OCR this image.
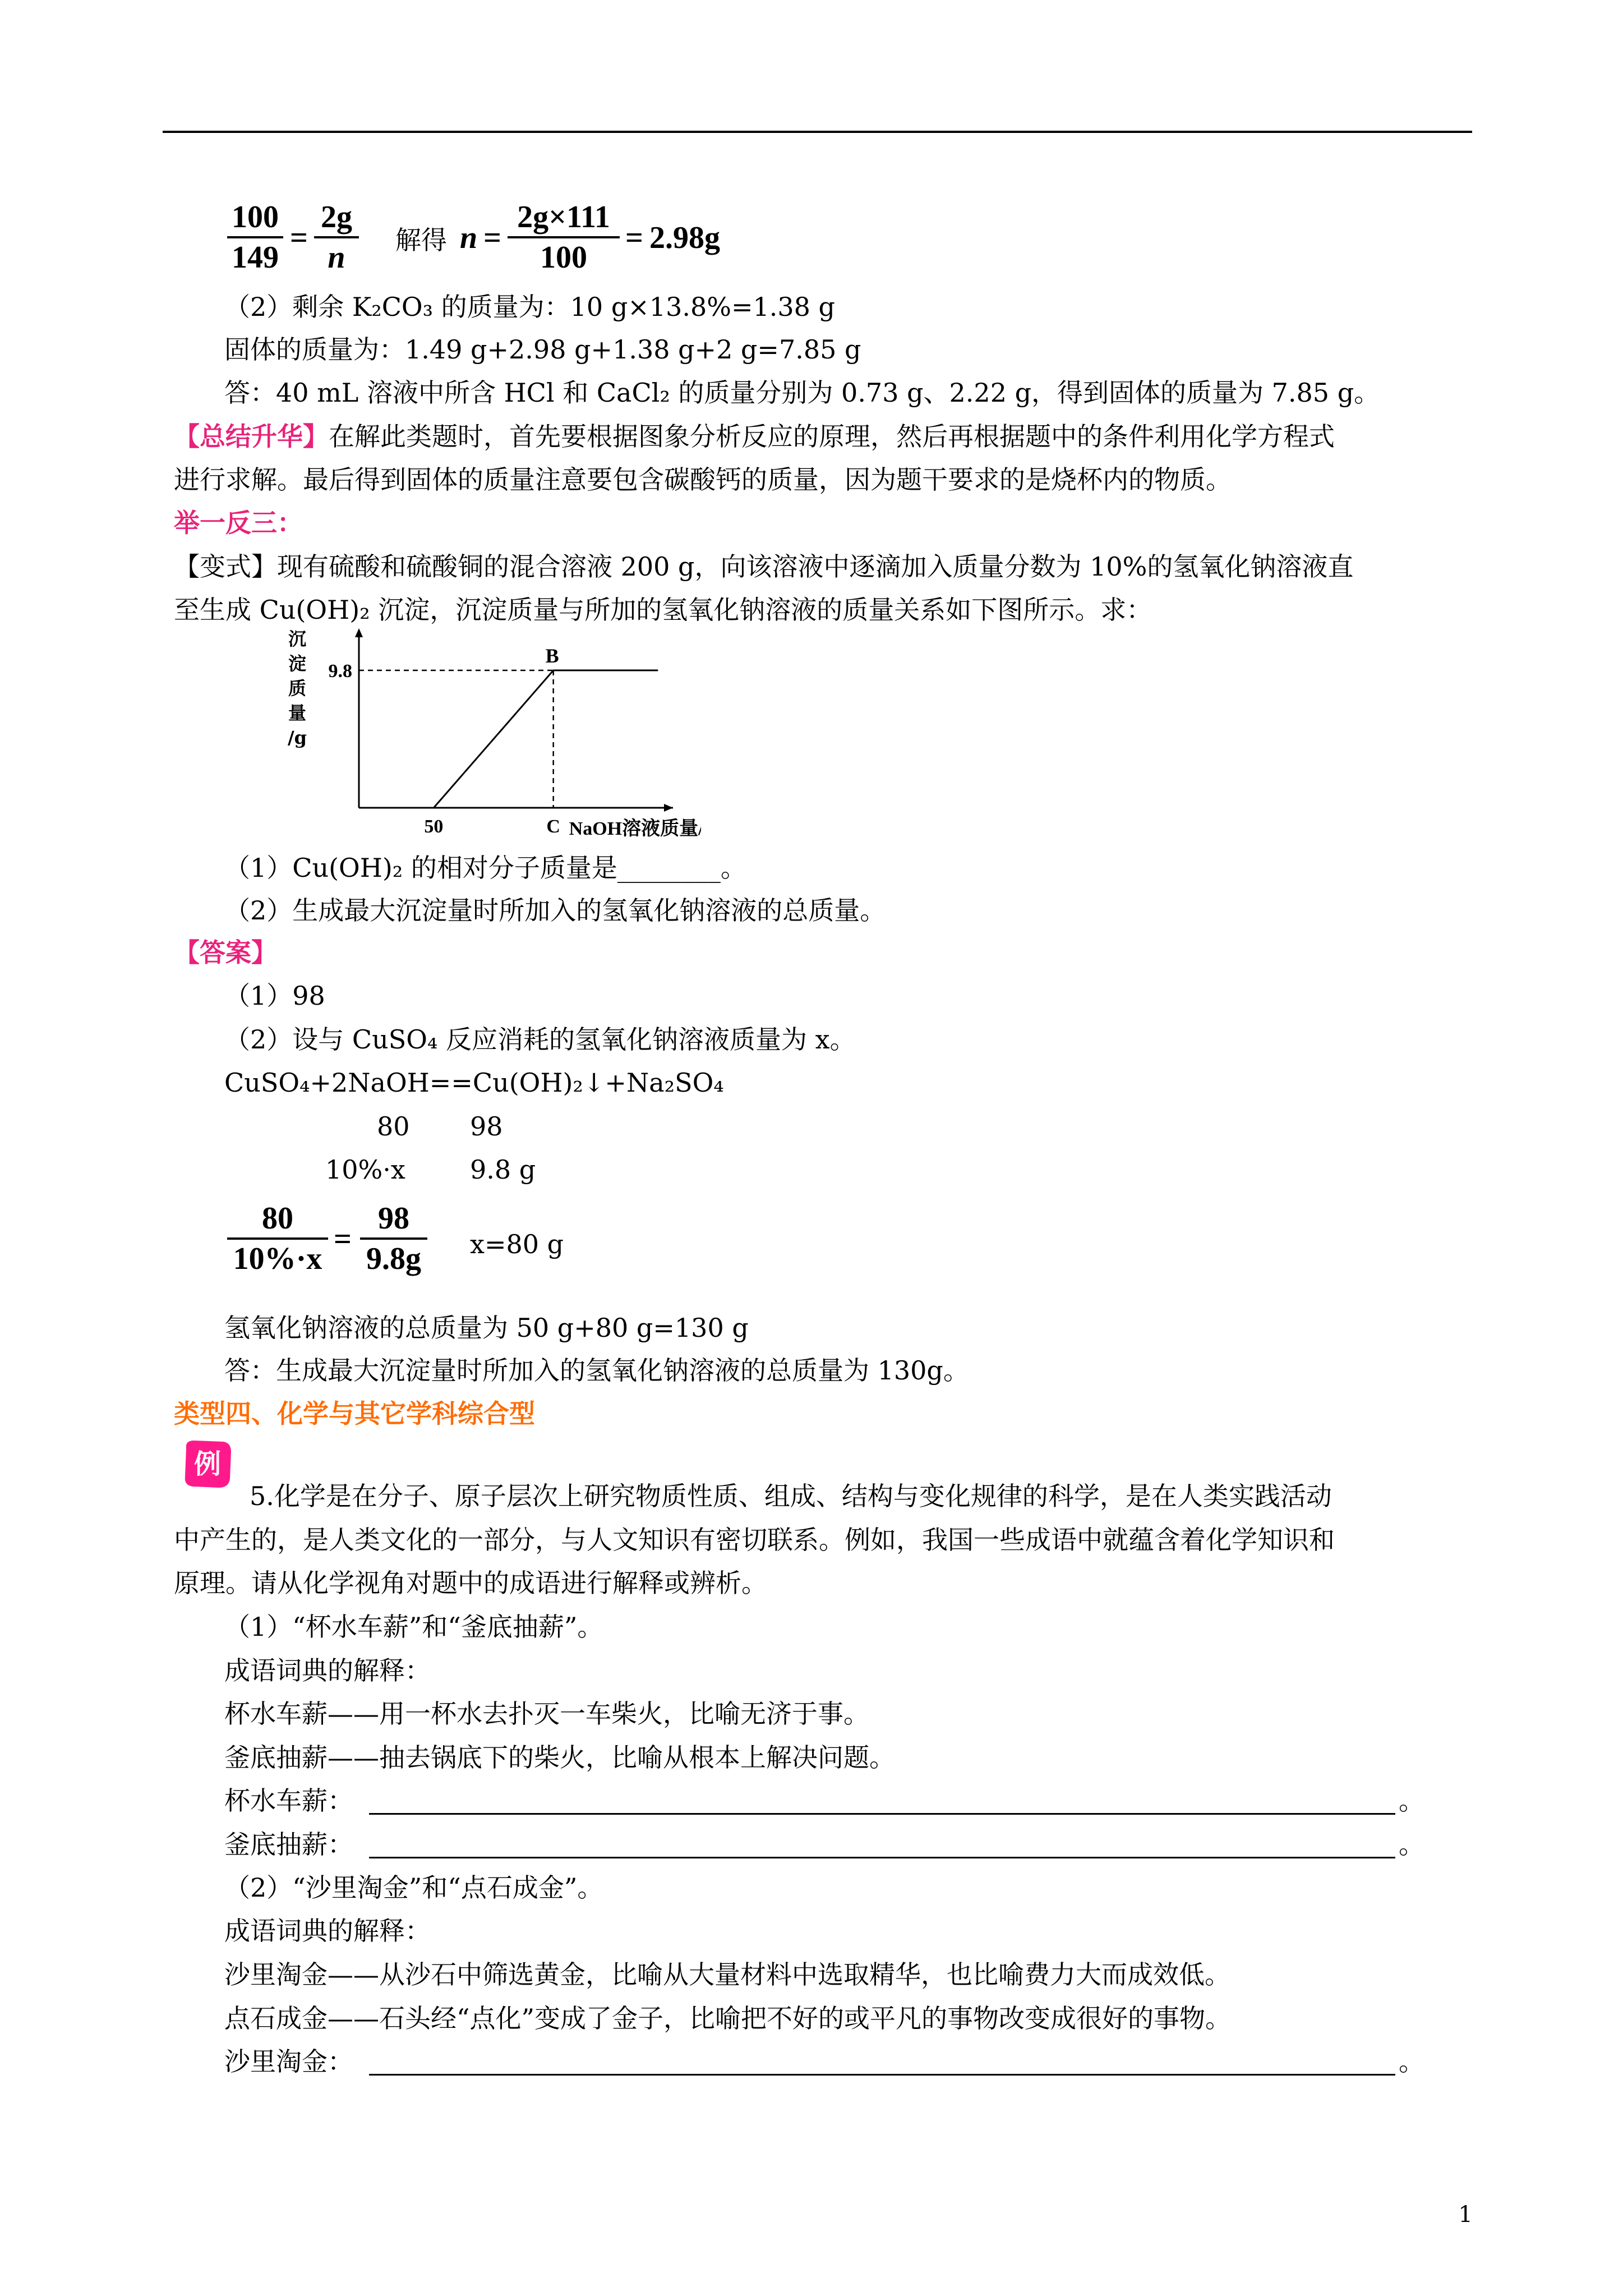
100
149
=
2g
n	解得 n =
2g×111
100
= 2.98g
（2）剩余 K₂CO₃ 的质量为：10 g×13.8%=1.38 g
固体的质量为：1.49 g+2.98 g+1.38 g+2 g=7.85 g
答：40 mL 溶液中所含 HCl 和 CaCl₂ 的质量分别为 0.73 g、2.22 g，得到固体的质量为 7.85 g。
【总结升华】在解此类题时，首先要根据图象分析反应的原理，然后再根据题中的条件利用化学方程式
进行求解。最后得到固体的质量注意要包含碳酸钙的质量，因为题干要求的是烧杯内的物质。
举一反三：
【变式】现有硫酸和硫酸铜的混合溶液 200 g，向该溶液中逐滴加入质量分数为 10%的氢氧化钠溶液直
至生成 Cu(OH)₂ 沉淀，沉淀质量与所加的氢氧化钠溶液的质量关系如下图所示。求：
B
9.8
50	C NaOH溶液质量/g
沉
淀
质
量
/g
（1）Cu(OH)₂ 的相对分子质量是________。
（2）生成最大沉淀量时所加入的氢氧化钠溶液的总质量。
【答案】
（1）98
（2）设与 CuSO₄ 反应消耗的氢氧化钠溶液质量为 x。
CuSO₄+2NaOH==Cu(OH)₂↓+Na₂SO₄
80 98
10%·x	9.8 g
80
10%·x
=
98
9.8g x=80 g
氢氧化钠溶液的总质量为 50 g+80 g=130 g
答：生成最大沉淀量时所加入的氢氧化钠溶液的总质量为 130g。
类型四、化学与其它学科综合型
例
5.化学是在分子、原子层次上研究物质性质、组成、结构与变化规律的科学，是在人类实践活动
中产生的，是人类文化的一部分，与人文知识有密切联系。例如，我国一些成语中就蕴含着化学知识和
原理。请从化学视角对题中的成语进行解释或辨析。
（1）“杯水车薪”和“釜底抽薪”。
成语词典的解释：
杯水车薪——用一杯水去扑灭一车柴火，比喻无济于事。
釜底抽薪——抽去锅底下的柴火，比喻从根本上解决问题。
杯水车薪：	。
釜底抽薪：	。
（2）“沙里淘金”和“点石成金”。
成语词典的解释：
沙里淘金——从沙石中筛选黄金，比喻从大量材料中选取精华，也比喻费力大而成效低。
点石成金——石头经“点化”变成了金子，比喻把不好的或平凡的事物改变成很好的事物。
沙里淘金：	。
1
